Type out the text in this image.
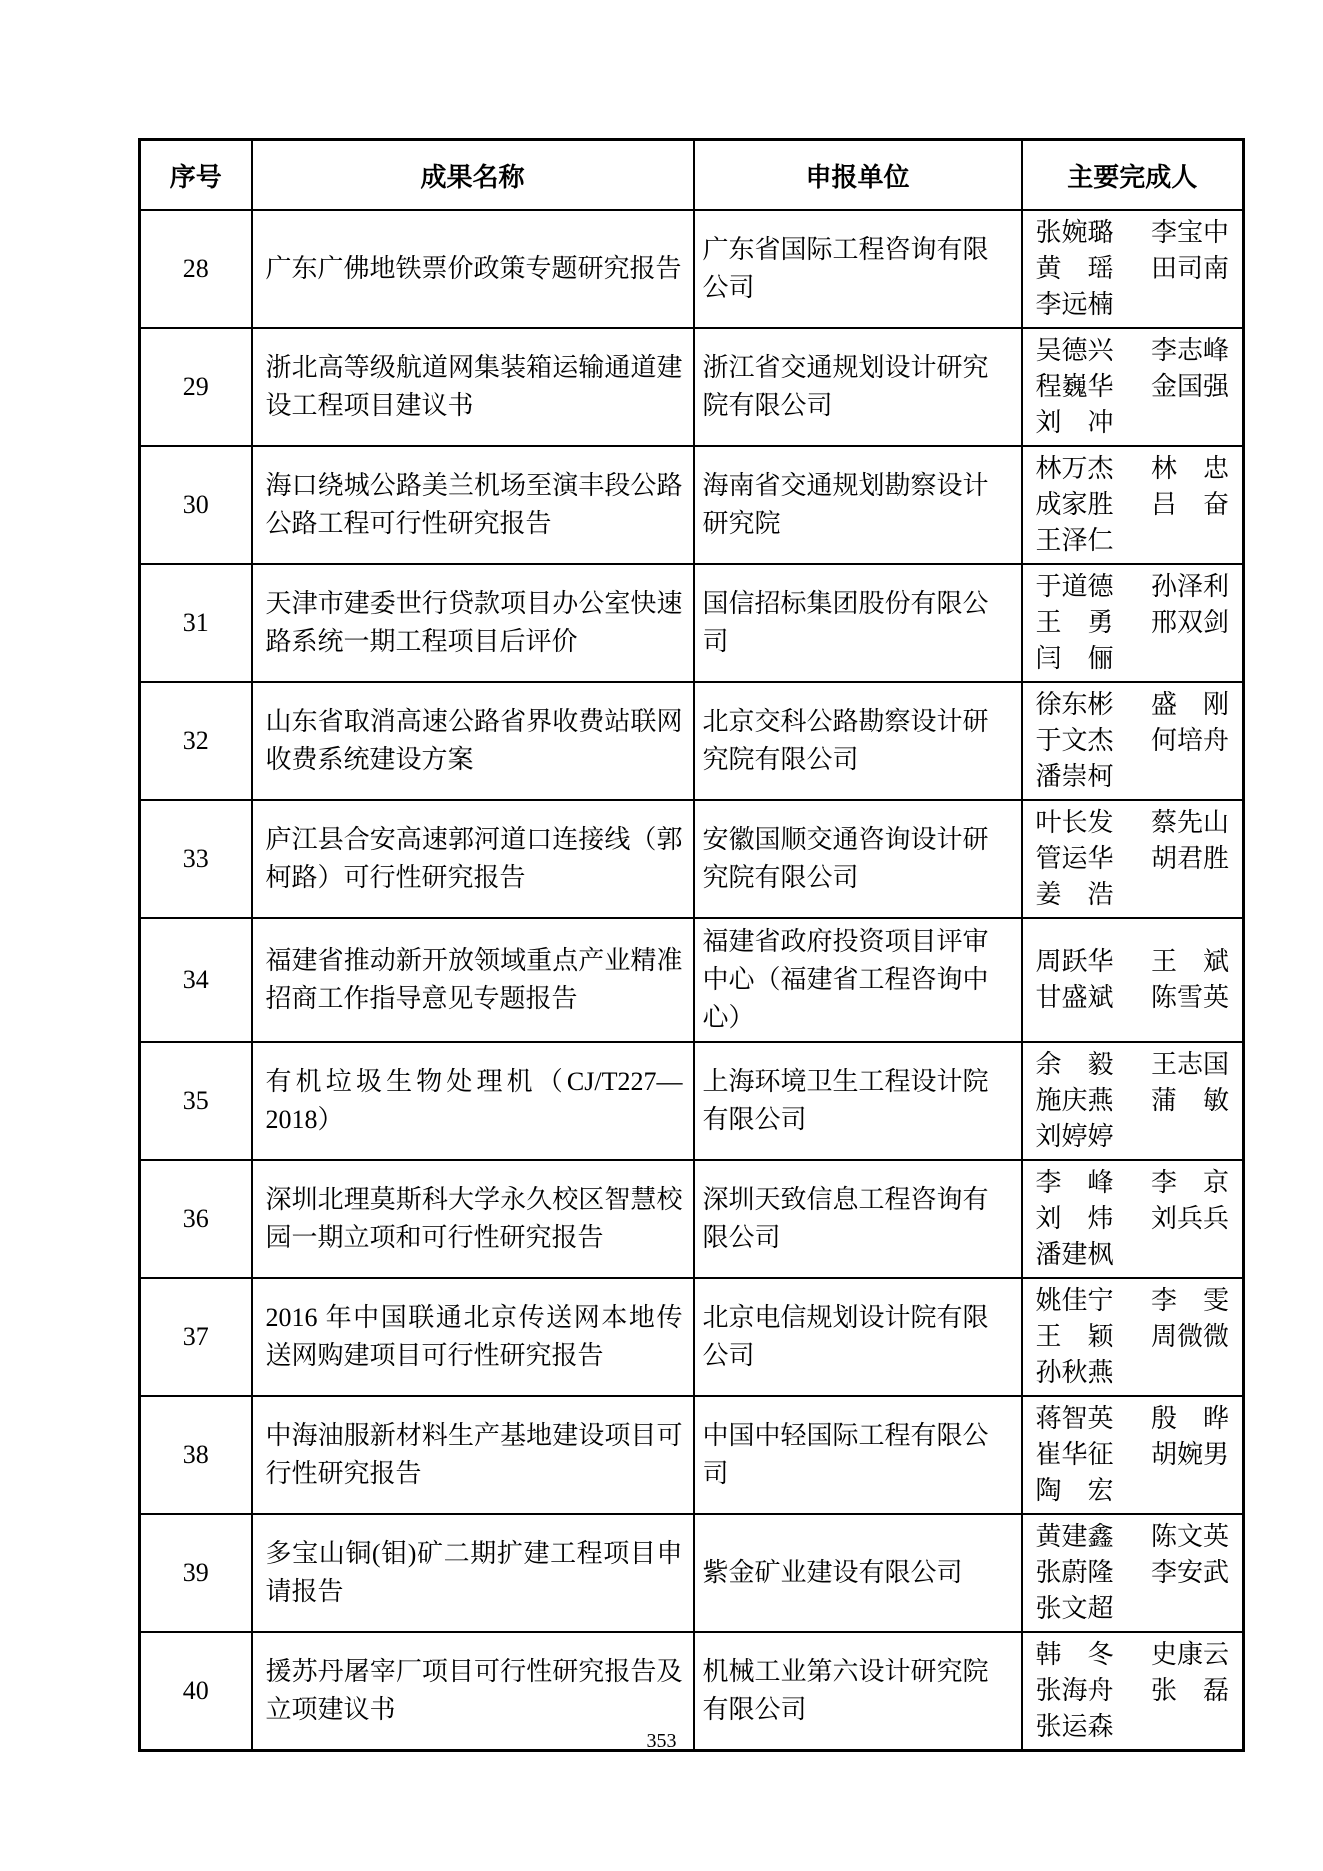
序号	成果名称	申报单位	主要完成人
28	广东广佛地铁票价政策专题研究报告	广东省国际工程咨询有限公司	张婉璐 李宝中
黄瑶 田司南
李远楠

29	浙北高等级航道网集装箱运输通道建设工程项目建议书	浙江省交通规划设计研究院有限公司	吴德兴 李志峰
程巍华 金国强
刘冲

30	海口绕城公路美兰机场至演丰段公路公路工程可行性研究报告	海南省交通规划勘察设计研究院	林万杰 林忠
成家胜 吕奋
王泽仁

31	天津市建委世行贷款项目办公室快速路系统一期工程项目后评价	国信招标集团股份有限公司	于道德 孙泽利
王勇 邢双剑
闫俪

32	山东省取消高速公路省界收费站联网收费系统建设方案	北京交科公路勘察设计研究院有限公司	徐东彬 盛刚
于文杰 何培舟
潘崇柯

33	庐江县合安高速郭河道口连接线（郭柯路）可行性研究报告	安徽国顺交通咨询设计研究院有限公司	叶长发 蔡先山
管运华 胡君胜
姜浩

34	福建省推动新开放领域重点产业精准招商工作指导意见专题报告	福建省政府投资项目评审中心（福建省工程咨询中心）	周跃华 王斌
甘盛斌 陈雪英

35	有机垃圾生物处理机（CJ/T227—2018）	上海环境卫生工程设计院有限公司	余毅 王志国
施庆燕 蒲敏
刘婷婷

36	深圳北理莫斯科大学永久校区智慧校园一期立项和可行性研究报告	深圳天致信息工程咨询有限公司	李峰 李京
刘炜 刘兵兵
潘建枫

37	2016 年中国联通北京传送网本地传送网购建项目可行性研究报告	北京电信规划设计院有限公司	姚佳宁 李雯
王颖 周微微
孙秋燕

38	中海油服新材料生产基地建设项目可行性研究报告	中国中轻国际工程有限公司	蒋智英 殷晔
崔华征 胡婉男
陶宏

39	多宝山铜(钼)矿二期扩建工程项目申请报告	紫金矿业建设有限公司	黄建鑫 陈文英
张蔚隆 李安武
张文超

40	援苏丹屠宰厂项目可行性研究报告及立项建议书	机械工业第六设计研究院有限公司	韩冬 史康云
张海舟 张磊
张运森
353
